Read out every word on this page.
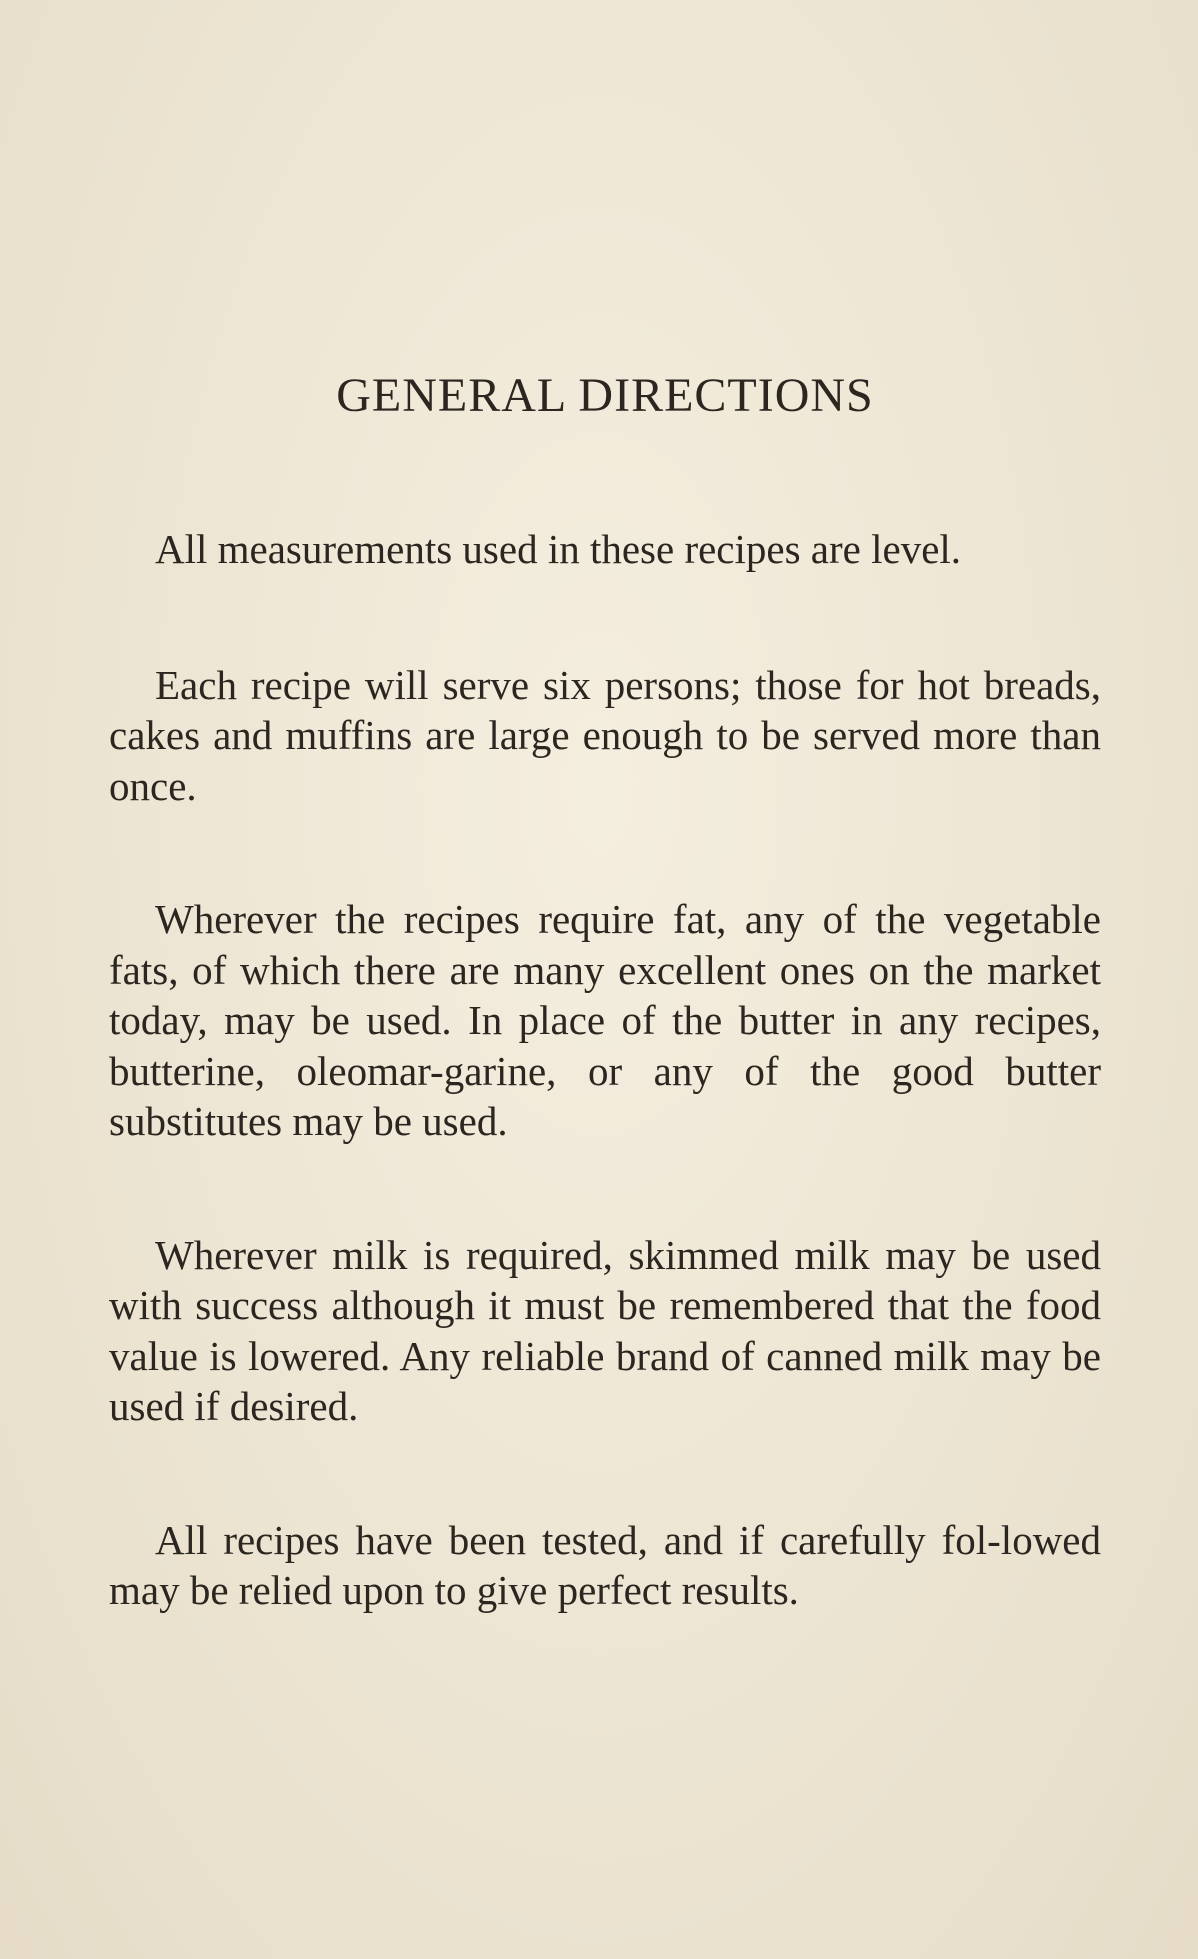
GENERAL DIRECTIONS

All measurements used in these recipes are level.

Each recipe will serve six persons; those for hot breads, cakes and muffins are large enough to be served more than once.

Wherever the recipes require fat, any of the vegetable fats, of which there are many excellent ones on the market today, may be used. In place of the butter in any recipes, butterine, oleomar-garine, or any of the good butter substitutes may be used.

Wherever milk is required, skimmed milk may be used with success although it must be remembered that the food value is lowered. Any reliable brand of canned milk may be used if desired.

All recipes have been tested, and if carefully fol-lowed may be relied upon to give perfect results.
